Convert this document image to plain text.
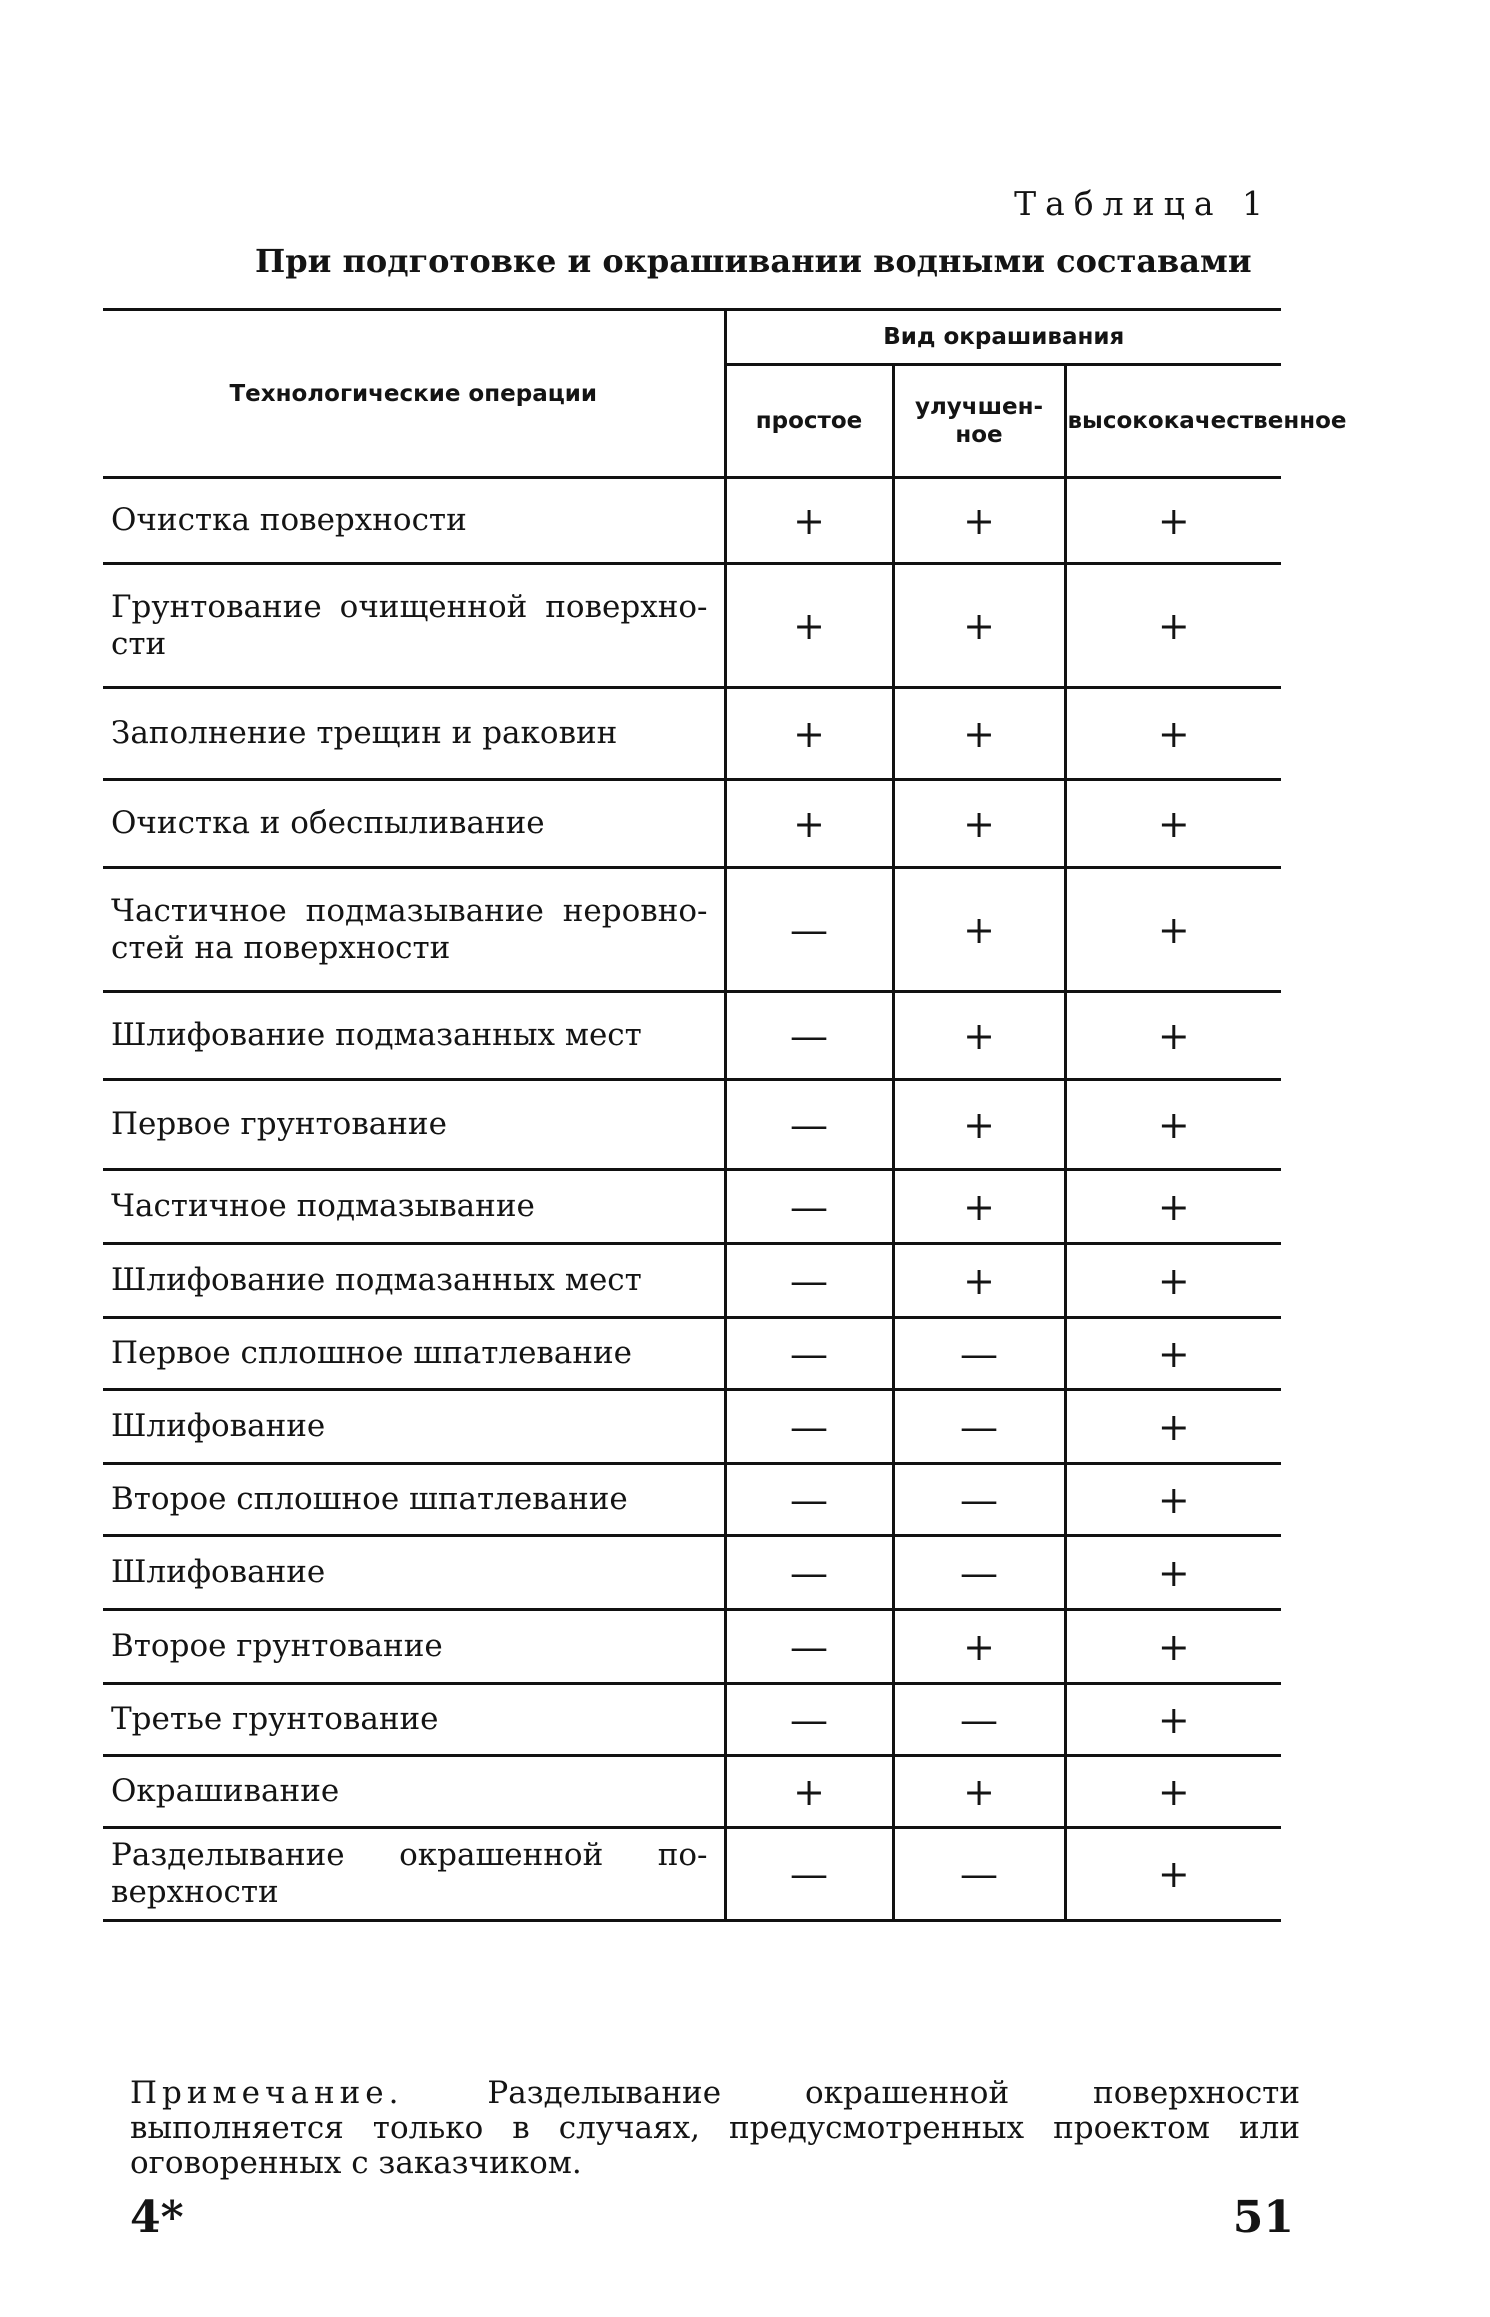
Таблица 1
При подготовке и окрашивании водными составами
Технологические операции	Вид окрашивания		
	простое	улучшен-ное	высококачественное
Очистка поверхности	+	+	+
Грунтование очищенной поверхно-сти	+	+	+
Заполнение трещин и раковин	+	+	+
Очистка и обеспыливание	+	+	+
Частичное подмазывание неровно-стей на поверхности	—	+	+
Шлифование подмазанных мест	—	+	+
Первое грунтование	—	+	+
Частичное подмазывание	—	+	+
Шлифование подмазанных мест	—	+	+
Первое сплошное шпатлевание	—	—	+
Шлифование	—	—	+
Второе сплошное шпатлевание	—	—	+
Шлифование	—	—	+
Второе грунтование	—	+	+
Третье грунтование	—	—	+
Окрашивание	+	+	+
Разделывание окрашенной по-верхности	—	—	+
Примечание.	Разделывание окрашенной поверхности выполняется только в случаях, предусмотренных проектом или оговоренных с заказчиком.
4*	51
